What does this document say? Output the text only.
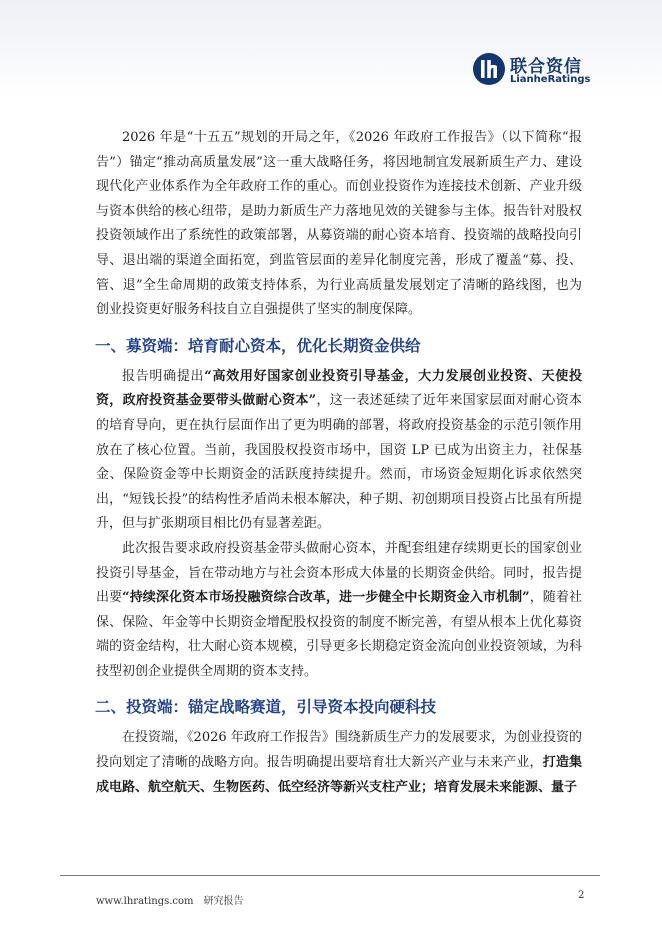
联合资信
LianheRatings

2026 年是“十五五”规划的开局之年，《2026 年政府工作报告》（以下简称“报告”）锚定“推动高质量发展”这一重大战略任务，将因地制宜发展新质生产力、建设现代化产业体系作为全年政府工作的重心。而创业投资作为连接技术创新、产业升级与资本供给的核心纽带，是助力新质生产力落地见效的关键参与主体。报告针对股权投资领域作出了系统性的政策部署，从募资端的耐心资本培育、投资端的战略投向引导、退出端的渠道全面拓宽，到监管层面的差异化制度完善，形成了覆盖“募、投、管、退”全生命周期的政策支持体系，为行业高质量发展划定了清晰的路线图，也为创业投资更好服务科技自立自强提供了坚实的制度保障。

一、募资端：培育耐心资本，优化长期资金供给

报告明确提出“高效用好国家创业投资引导基金，大力发展创业投资、天使投资，政府投资基金要带头做耐心资本”，这一表述延续了近年来国家层面对耐心资本的培育导向，更在执行层面作出了更为明确的部署，将政府投资基金的示范引领作用放在了核心位置。当前，我国股权投资市场中，国资 LP 已成为出资主力，社保基金、保险资金等中长期资金的活跃度持续提升。然而，市场资金短期化诉求依然突出，“短钱长投”的结构性矛盾尚未根本解决，种子期、初创期项目投资占比虽有所提升，但与扩张期项目相比仍有显著差距。

此次报告要求政府投资基金带头做耐心资本，并配套组建存续期更长的国家创业投资引导基金，旨在带动地方与社会资本形成大体量的长期资金供给。同时，报告提出要“持续深化资本市场投融资综合改革，进一步健全中长期资金入市机制”，随着社保、保险、年金等中长期资金增配股权投资的制度不断完善，有望从根本上优化募资端的资金结构，壮大耐心资本规模，引导更多长期稳定资金流向创业投资领域，为科技型初创企业提供全周期的资本支持。

二、投资端：锚定战略赛道，引导资本投向硬科技

在投资端，《2026 年政府工作报告》围绕新质生产力的发展要求，为创业投资的投向划定了清晰的战略方向。报告明确提出要培育壮大新兴产业与未来产业，打造集成电路、航空航天、生物医药、低空经济等新兴支柱产业；培育发展未来能源、量子

www.lhratings.com 研究报告
2
